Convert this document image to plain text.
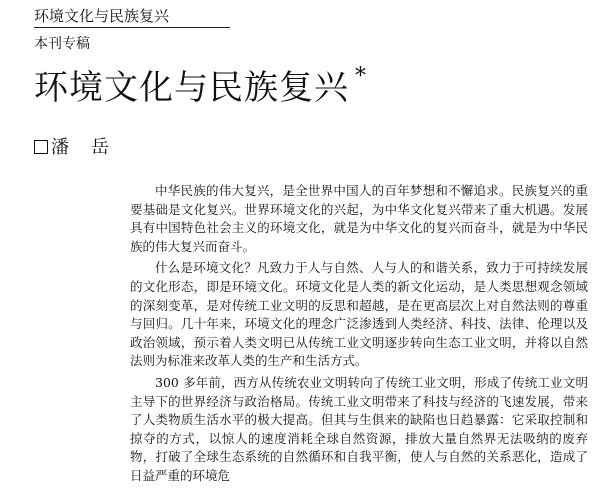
环境文化与民族复兴
本刊专稿
环境文化与民族复兴 *
潘 岳

中华民族的伟大复兴，是全世界中国人的百年梦想和不懈追求。民族复兴的重要基础是文化复兴。世界环境文化的兴起，为中华文化复兴带来了重大机遇。发展具有中国特色社会主义的环境文化，就是为中华文化的复兴而奋斗，就是为中华民族的伟大复兴而奋斗。

什么是环境文化？凡致力于人与自然、人与人的和谐关系，致力于可持续发展的文化形态，即是环境文化。环境文化是人类的新文化运动，是人类思想观念领域的深刻变革，是对传统工业文明的反思和超越，是在更高层次上对自然法则的尊重与回归。几十年来，环境文化的理念广泛渗透到人类经济、科技、法律、伦理以及政治领域，预示着人类文明已从传统工业文明逐步转向生态工业文明，并将以自然法则为标准来改革人类的生产和生活方式。

300 多年前，西方从传统农业文明转向了传统工业文明，形成了传统工业文明主导下的世界经济与政治格局。传统工业文明带来了科技与经济的飞速发展，带来了人类物质生活水平的极大提高。但其与生俱来的缺陷也日趋暴露：它采取控制和掠夺的方式，以惊人的速度消耗全球自然资源，排放大量自然界无法吸纳的废弃物，打破了全球生态系统的自然循环和自我平衡，使人与自然的关系恶化，造成了日益严重的环境危
